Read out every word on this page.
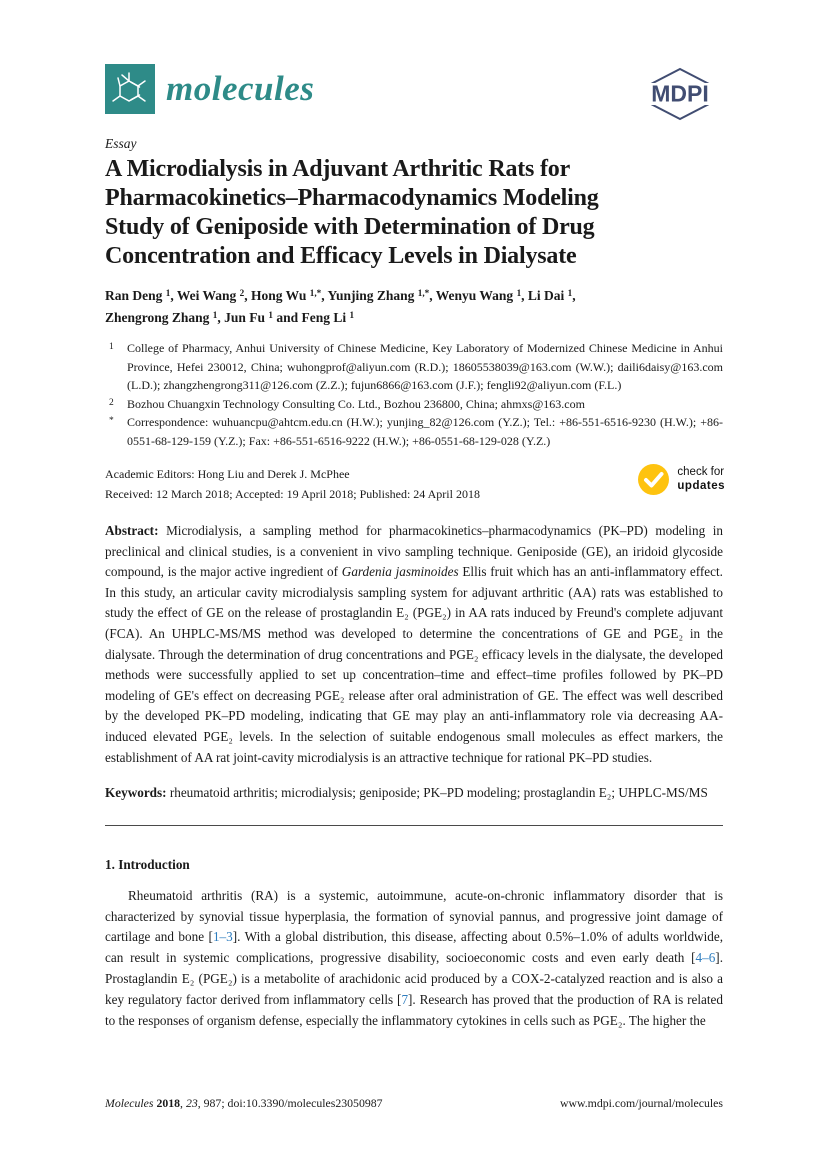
molecules	MDPI
Essay
A Microdialysis in Adjuvant Arthritic Rats for
Pharmacokinetics–Pharmacodynamics Modeling
Study of Geniposide with Determination of Drug
Concentration and Efficacy Levels in Dialysate
Ran Deng $^1$, Wei Wang $^2$, Hong Wu $^{1,*}$, Yunjing Zhang $^{1,*}$, Wenyu Wang $^1$, Li Dai $^1$,
Zhengrong Zhang $^1$, Jun Fu $^1$ and Feng Li $^1$
1	College of Pharmacy, Anhui University of Chinese Medicine, Key Laboratory of Modernized Chinese Medicine in Anhui Province, Hefei 230012, China; wuhongprof@aliyun.com (R.D.); 18605538039@163.com (W.W.); daili6daisy@163.com (L.D.); zhangzhengrong311@126.com (Z.Z.); fujun6866@163.com (J.F.); fengli92@aliyun.com (F.L.)
2	Bozhou Chuangxin Technology Consulting Co. Ltd., Bozhou 236800, China; ahmxs@163.com
*	Correspondence: wuhuancpu@ahtcm.edu.cn (H.W.); yunjing_82@126.com (Y.Z.); Tel.: +86-551-6516-9230 (H.W.); +86-0551-68-129-159 (Y.Z.); Fax: +86-551-6516-9222 (H.W.); +86-0551-68-129-028 (Y.Z.)
Academic Editors: Hong Liu and Derek J. McPhee
Received: 12 March 2018; Accepted: 19 April 2018; Published: 24 April 2018
check for
updates

Abstract: Microdialysis, a sampling method for pharmacokinetics–pharmacodynamics (PK–PD) modeling in preclinical and clinical studies, is a convenient in vivo sampling technique. Geniposide (GE), an iridoid glycoside compound, is the major active ingredient of Gardenia jasminoides Ellis fruit which has an anti-inflammatory effect. In this study, an articular cavity microdialysis sampling system for adjuvant arthritic (AA) rats was established to study the effect of GE on the release of prostaglandin E₂ (PGE₂) in AA rats induced by Freund's complete adjuvant (FCA). An UHPLC-MS/MS method was developed to determine the concentrations of GE and PGE₂ in the dialysate. Through the determination of drug concentrations and PGE₂ efficacy levels in the dialysate, the developed methods were successfully applied to set up concentration–time and effect–time profiles followed by PK–PD modeling of GE's effect on decreasing PGE₂ release after oral administration of GE. The effect was well described by the developed PK–PD modeling, indicating that GE may play an anti-inflammatory role via decreasing AA-induced elevated PGE₂ levels. In the selection of suitable endogenous small molecules as effect markers, the establishment of AA rat joint-cavity microdialysis is an attractive technique for rational PK–PD studies.

Keywords: rheumatoid arthritis; microdialysis; geniposide; PK–PD modeling; prostaglandin E₂; UHPLC-MS/MS

1. Introduction

Rheumatoid arthritis (RA) is a systemic, autoimmune, acute-on-chronic inflammatory disorder that is characterized by synovial tissue hyperplasia, the formation of synovial pannus, and progressive joint damage of cartilage and bone [1–3]. With a global distribution, this disease, affecting about 0.5%–1.0% of adults worldwide, can result in systemic complications, progressive disability, socioeconomic costs and even early death [4–6]. Prostaglandin E₂ (PGE₂) is a metabolite of arachidonic acid produced by a COX-2-catalyzed reaction and is also a key regulatory factor derived from inflammatory cells [7]. Research has proved that the production of RA is related to the responses of organism defense, especially the inflammatory cytokines in cells such as PGE₂. The higher the

Molecules 2018, 23, 987; doi:10.3390/molecules23050987	www.mdpi.com/journal/molecules
